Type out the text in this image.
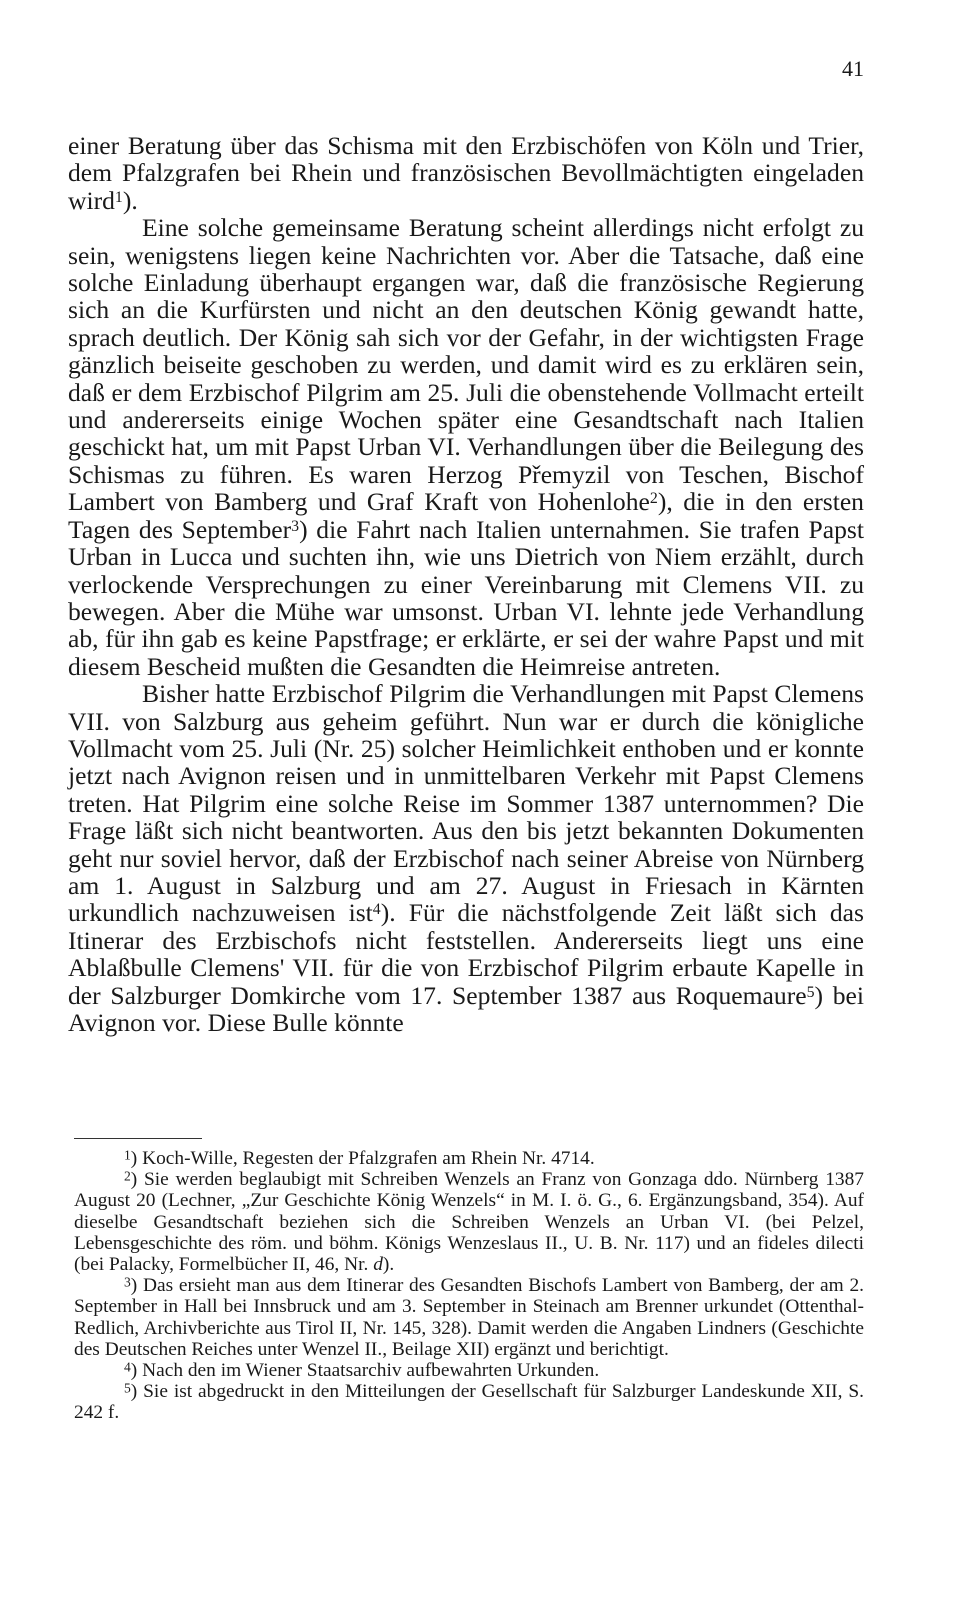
41

einer Beratung über das Schisma mit den Erzbischöfen von Köln und Trier, dem Pfalzgrafen bei Rhein und französischen Bevollmächtigten eingeladen wird$^1$).

Eine solche gemeinsame Beratung scheint allerdings nicht erfolgt zu sein, wenigstens liegen keine Nachrichten vor. Aber die Tatsache, daß eine solche Einladung überhaupt ergangen war, daß die französische Regierung sich an die Kurfürsten und nicht an den deutschen König gewandt hatte, sprach deutlich. Der König sah sich vor der Gefahr, in der wichtigsten Frage gänzlich beiseite geschoben zu werden, und damit wird es zu erklären sein, daß er dem Erzbischof Pilgrim am 25. Juli die obenstehende Vollmacht erteilt und andererseits einige Wochen später eine Gesandtschaft nach Italien geschickt hat, um mit Papst Urban VI. Verhandlungen über die Beilegung des Schismas zu führen. Es waren Herzog Přemyzil von Teschen, Bischof Lambert von Bamberg und Graf Kraft von Hohenlohe$^2$), die in den ersten Tagen des September$^3$) die Fahrt nach Italien unternahmen. Sie trafen Papst Urban in Lucca und suchten ihn, wie uns Dietrich von Niem erzählt, durch verlockende Versprechungen zu einer Vereinbarung mit Clemens VII. zu bewegen. Aber die Mühe war umsonst. Urban VI. lehnte jede Verhandlung ab, für ihn gab es keine Papstfrage; er erklärte, er sei der wahre Papst und mit diesem Bescheid mußten die Gesandten die Heimreise antreten.

Bisher hatte Erzbischof Pilgrim die Verhandlungen mit Papst Clemens VII. von Salzburg aus geheim geführt. Nun war er durch die königliche Vollmacht vom 25. Juli (Nr. 25) solcher Heimlichkeit enthoben und er konnte jetzt nach Avignon reisen und in unmittelbaren Verkehr mit Papst Clemens treten. Hat Pilgrim eine solche Reise im Sommer 1387 unternommen? Die Frage läßt sich nicht beantworten. Aus den bis jetzt bekannten Dokumenten geht nur soviel hervor, daß der Erzbischof nach seiner Abreise von Nürnberg am 1. August in Salzburg und am 27. August in Friesach in Kärnten urkundlich nachzuweisen ist$^4$). Für die nächstfolgende Zeit läßt sich das Itinerar des Erzbischofs nicht feststellen. Andererseits liegt uns eine Ablaßbulle Clemens' VII. für die von Erzbischof Pilgrim erbaute Kapelle in der Salzburger Domkirche vom 17. September 1387 aus Roquemaure$^5$) bei Avignon vor. Diese Bulle könnte

$^1$) Koch-Wille, Regesten der Pfalzgrafen am Rhein Nr. 4714.

$^2$) Sie werden beglaubigt mit Schreiben Wenzels an Franz von Gonzaga ddo. Nürnberg 1387 August 20 (Lechner, „Zur Geschichte König Wenzels“ in M. I. ö. G., 6. Ergänzungsband, 354). Auf dieselbe Gesandtschaft beziehen sich die Schreiben Wenzels an Urban VI. (bei Pelzel, Lebensgeschichte des röm. und böhm. Königs Wenzeslaus II., U. B. Nr. 117) und an fideles dilecti (bei Palacky, Formelbücher II, 46, Nr. d).

$^3$) Das ersieht man aus dem Itinerar des Gesandten Bischofs Lambert von Bamberg, der am 2. September in Hall bei Innsbruck und am 3. September in Steinach am Brenner urkundet (Ottenthal-Redlich, Archivberichte aus Tirol II, Nr. 145, 328). Damit werden die Angaben Lindners (Geschichte des Deutschen Reiches unter Wenzel II., Beilage XII) ergänzt und berichtigt.

$^4$) Nach den im Wiener Staatsarchiv aufbewahrten Urkunden.

$^5$) Sie ist abgedruckt in den Mitteilungen der Gesellschaft für Salzburger Landeskunde XII, S. 242 f.
